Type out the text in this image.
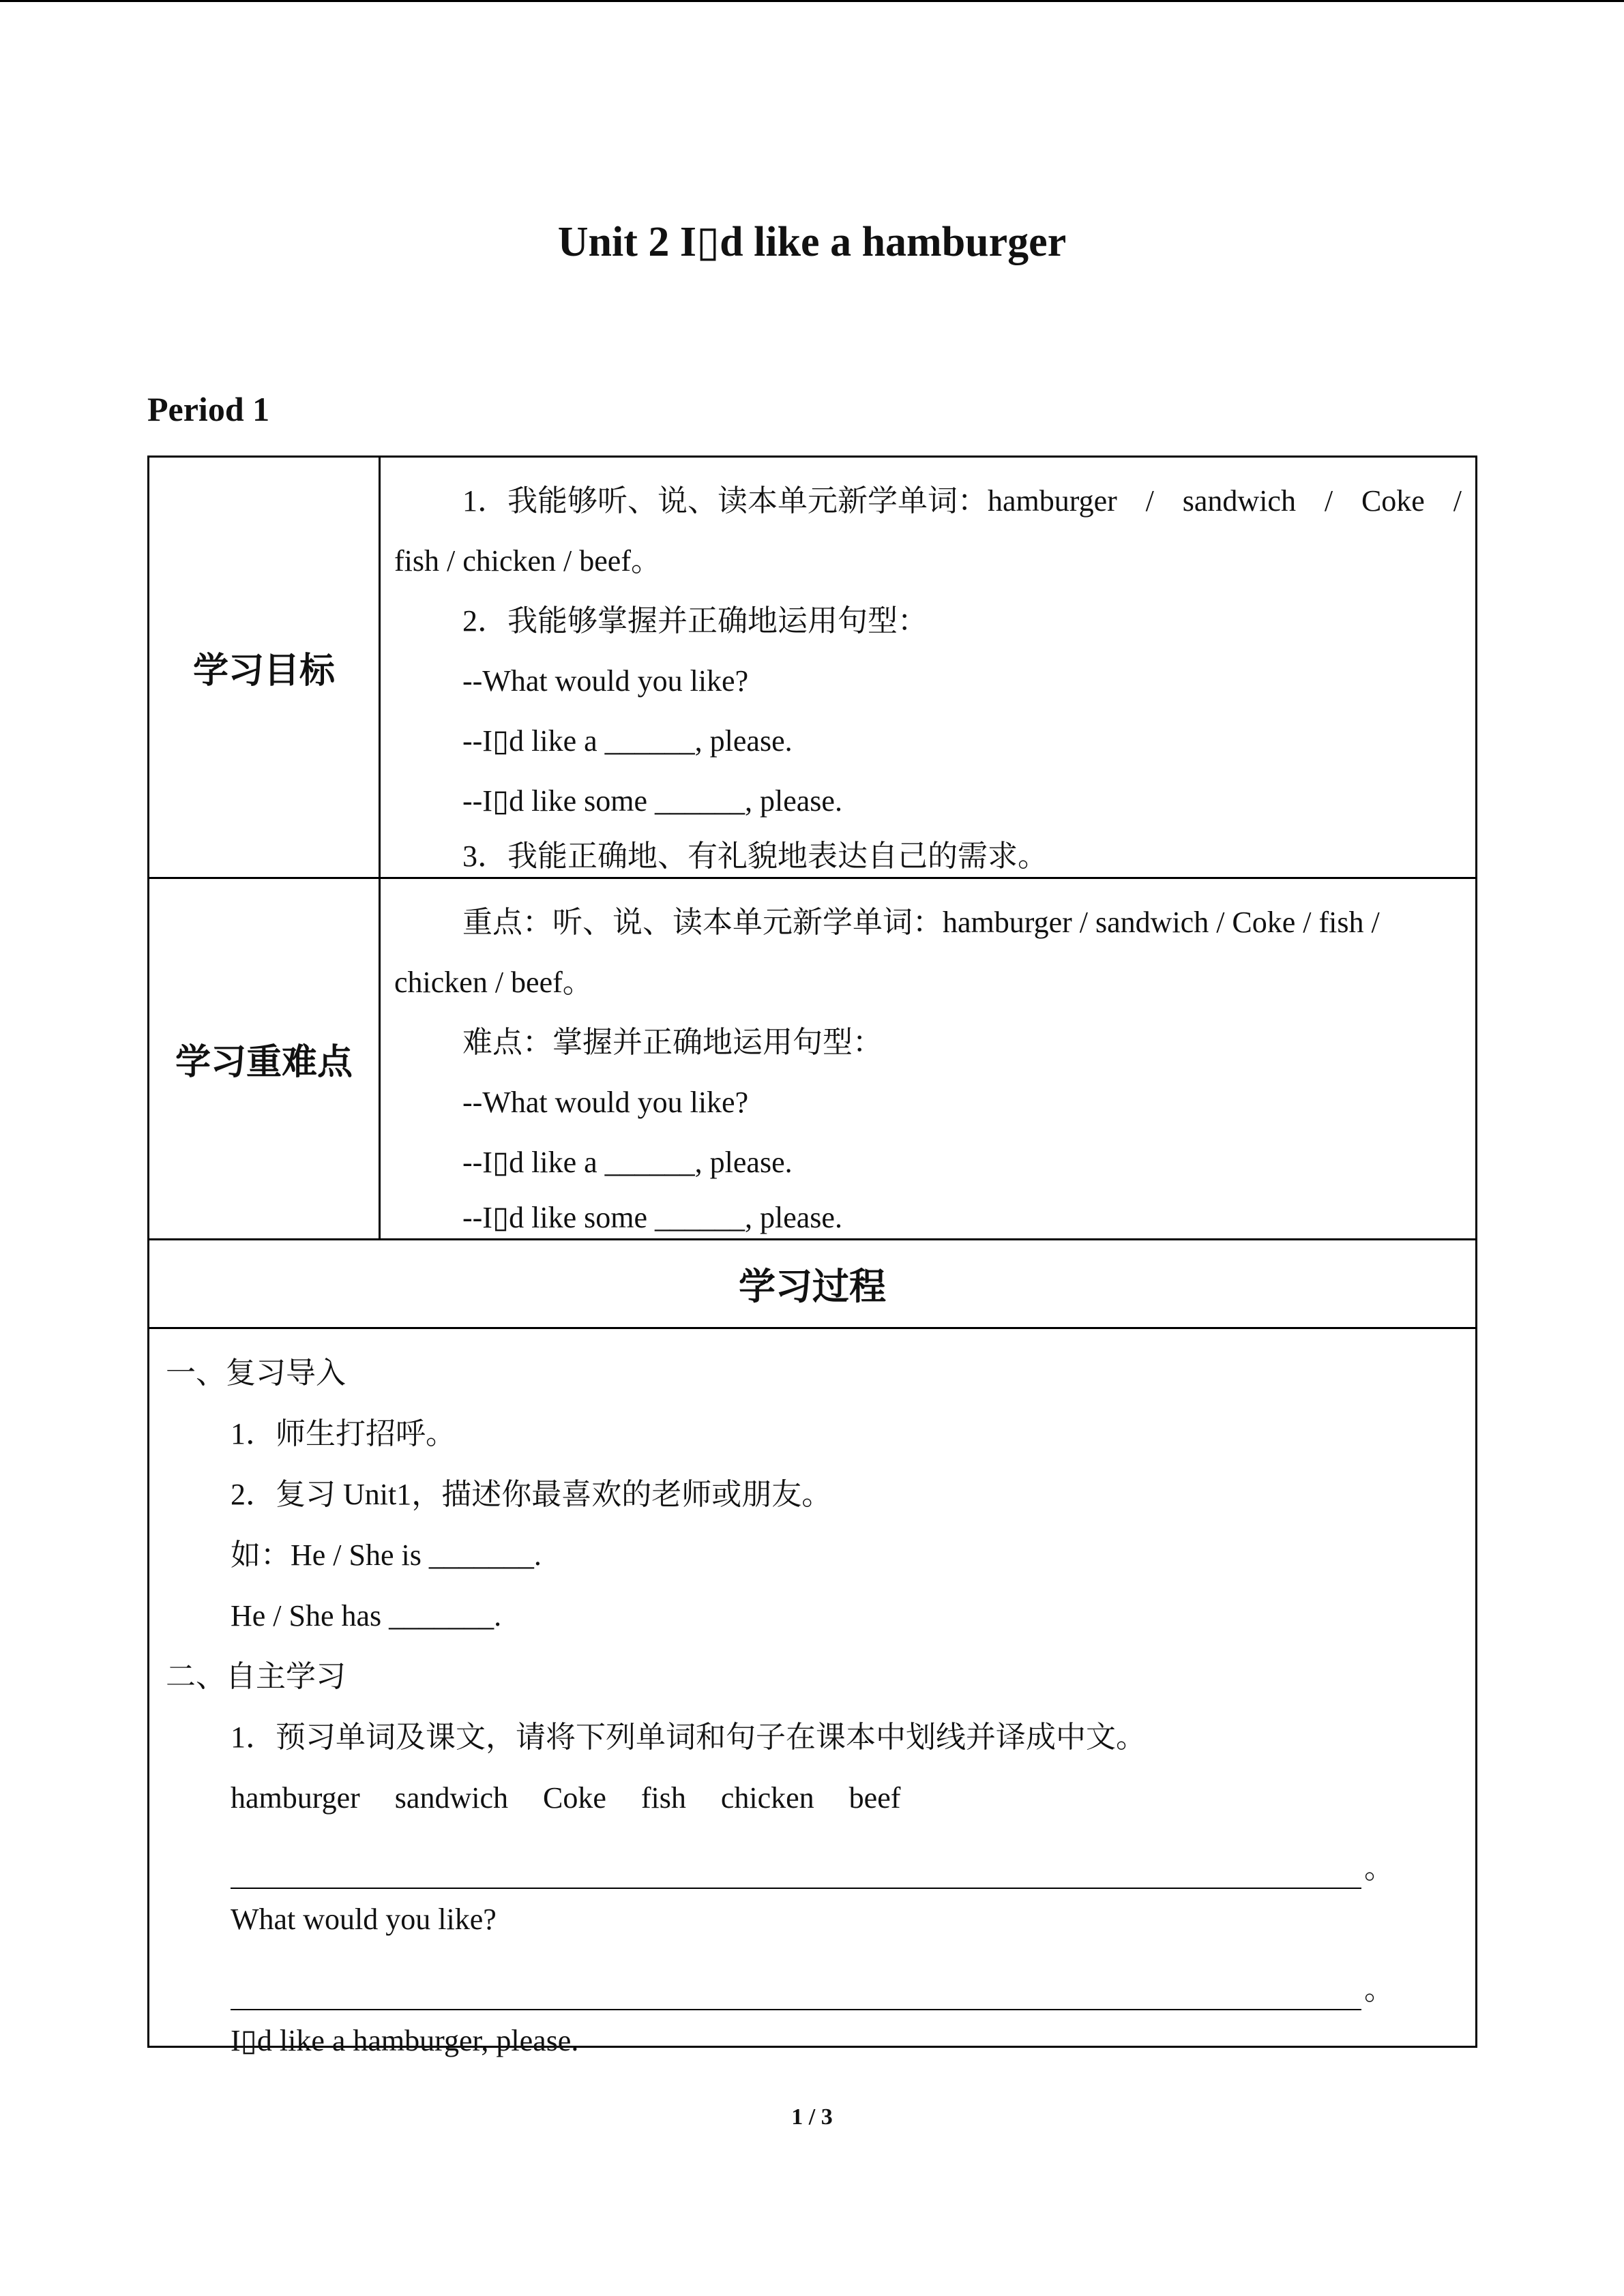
Unit 2 I▯d like a hamburger
Period 1
学习目标
1．我能够听、说、读本单元新学单词：hamburger / sandwich / Coke /
fish / chicken / beef。
2．我能够掌握并正确地运用句型：
--What would you like?
--I▯d like a ______, please.
--I▯d like some ______, please.
3．我能正确地、有礼貌地表达自己的需求。
学习重难点
重点：听、说、读本单元新学单词：hamburger / sandwich / Coke / fish /
chicken / beef。
难点：掌握并正确地运用句型：
--What would you like?
--I▯d like a ______, please.
--I▯d like some ______, please.
学习过程
一、复习导入
1．师生打招呼。
2．复习 Unit1，描述你最喜欢的老师或朋友。
如：He / She is _______.
He / She has _______.
二、自主学习
1．预习单词及课文，请将下列单词和句子在课本中划线并译成中文。
hamburger sandwich Coke fish chicken beef
。
What would you like?
。
I▯d like a hamburger, please.
1 / 3
